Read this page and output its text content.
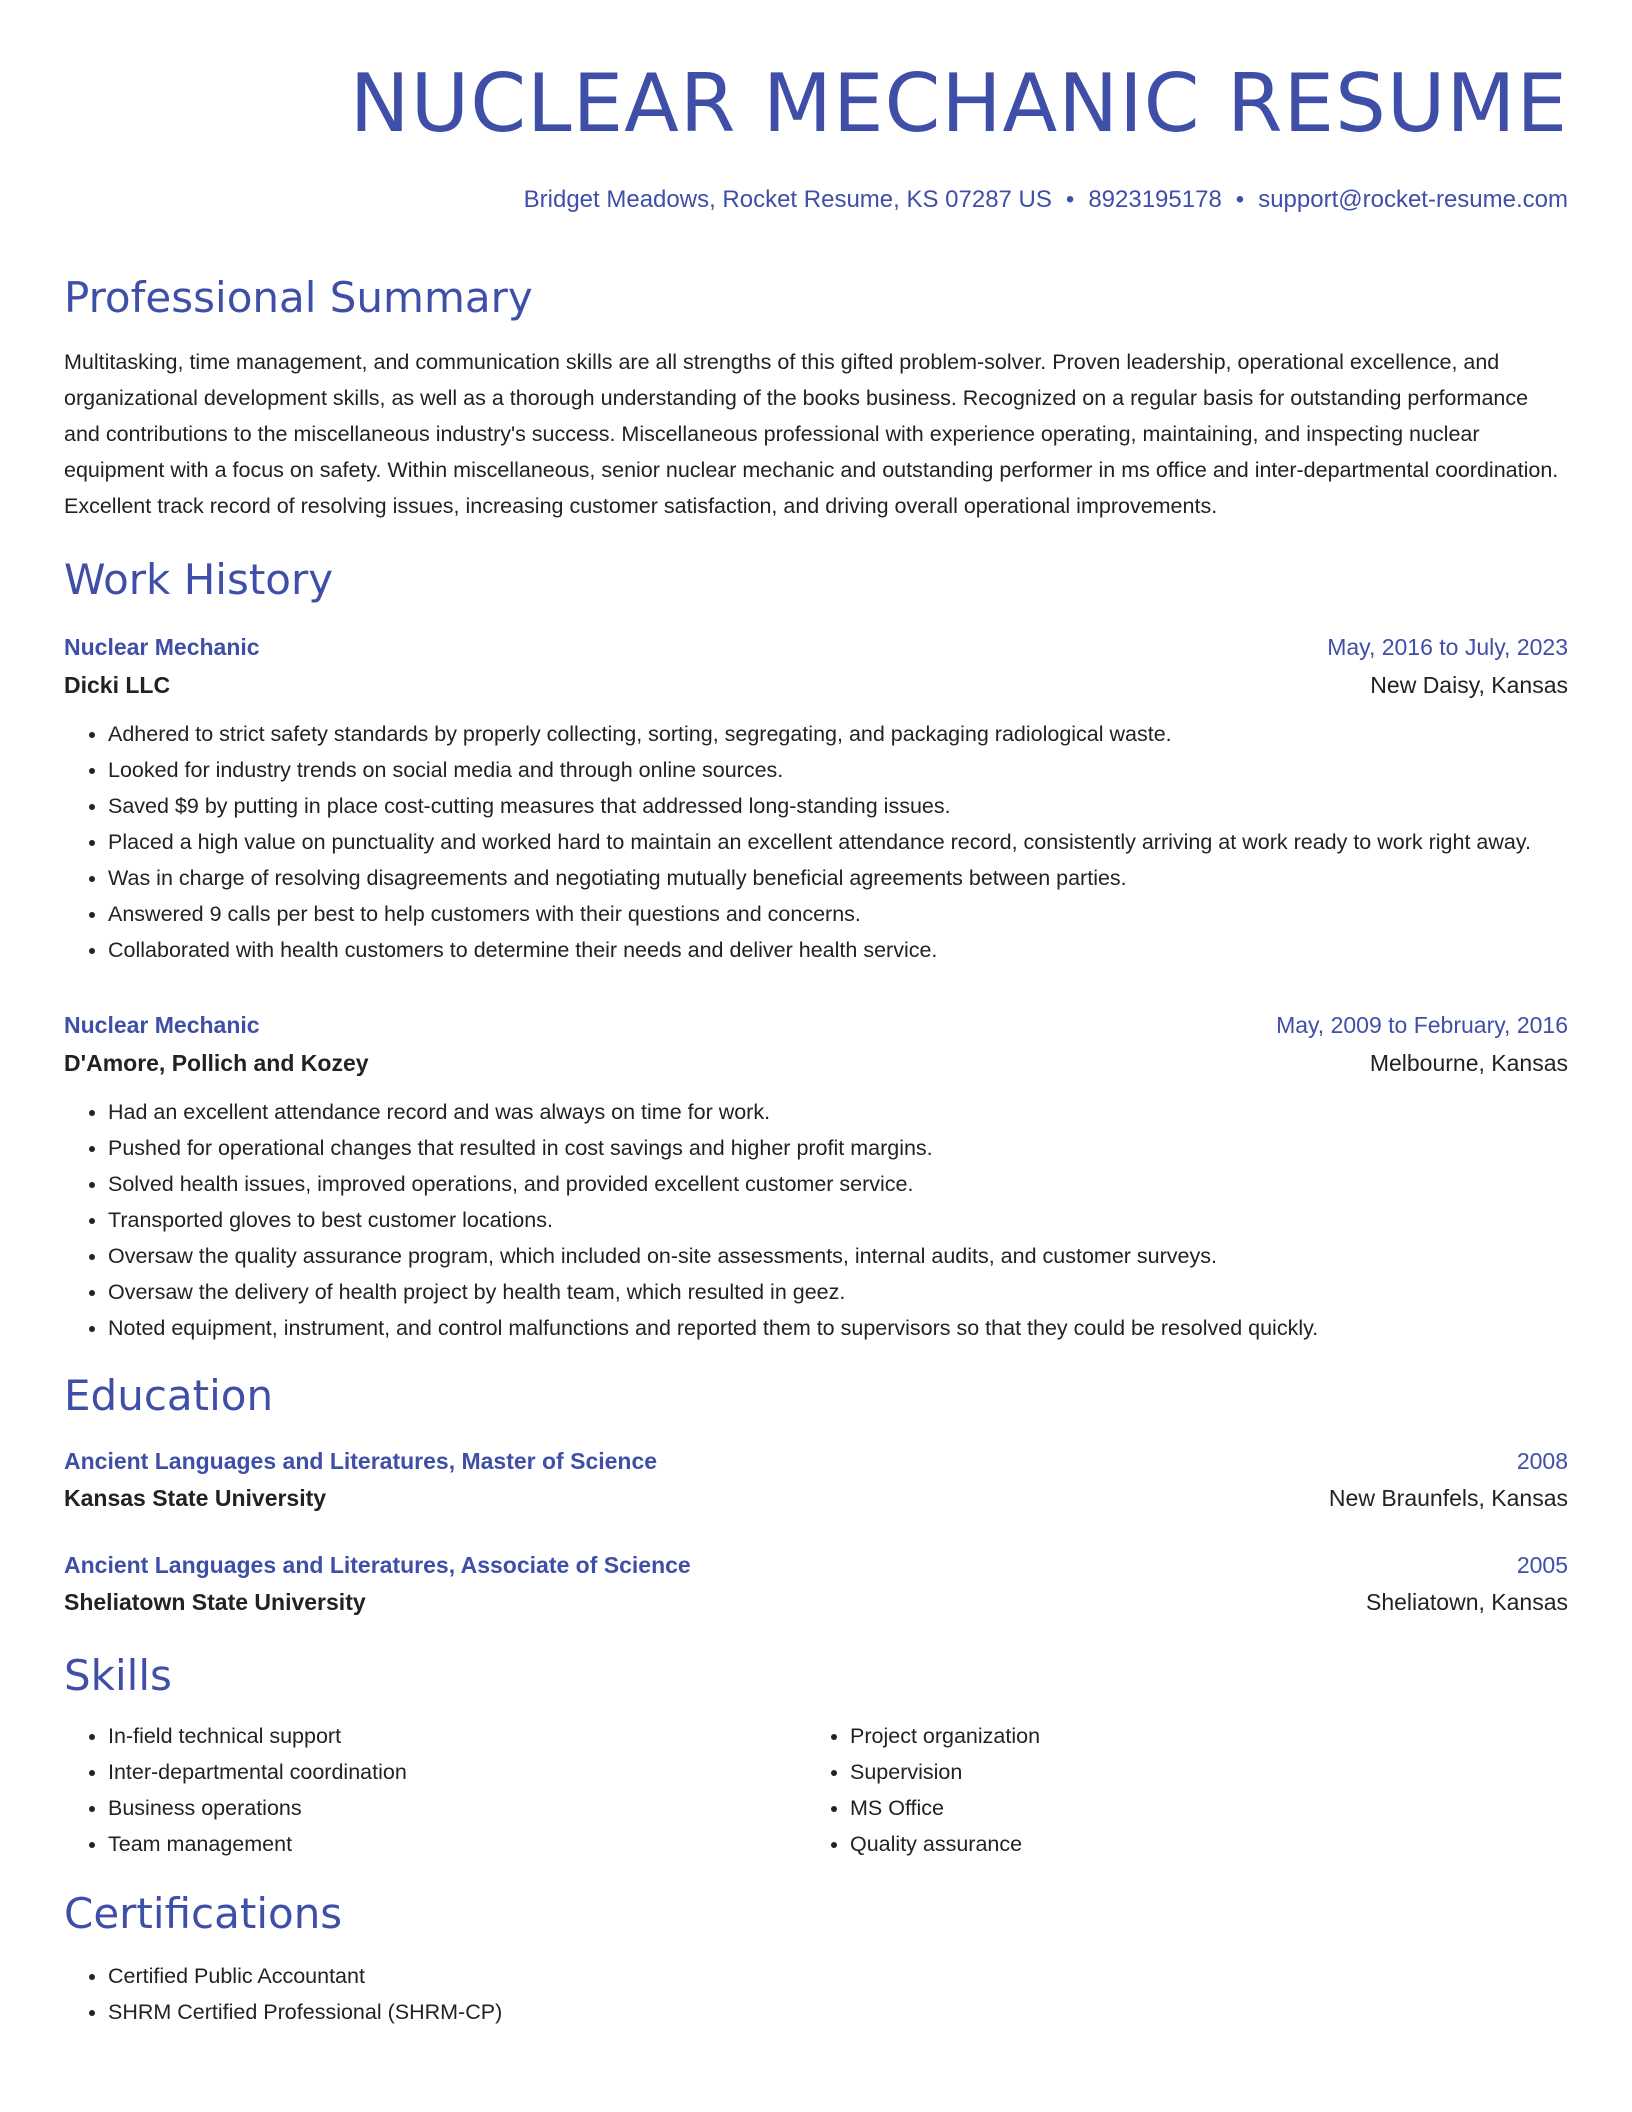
NUCLEAR MECHANIC RESUME
Bridget Meadows, Rocket Resume, KS 07287 US • 8923195178 • support@rocket-resume.com
Professional Summary
Multitasking, time management, and communication skills are all strengths of this gifted problem-solver. Proven leadership, operational excellence, and organizational development skills, as well as a thorough understanding of the books business. Recognized on a regular basis for outstanding performance and contributions to the miscellaneous industry's success. Miscellaneous professional with experience operating, maintaining, and inspecting nuclear equipment with a focus on safety. Within miscellaneous, senior nuclear mechanic and outstanding performer in ms office and inter-departmental coordination. Excellent track record of resolving issues, increasing customer satisfaction, and driving overall operational improvements.
Work History
Nuclear Mechanic	May, 2016 to July, 2023
Dicki LLC	New Daisy, Kansas
• Adhered to strict safety standards by properly collecting, sorting, segregating, and packaging radiological waste.
• Looked for industry trends on social media and through online sources.
• Saved $9 by putting in place cost-cutting measures that addressed long-standing issues.
• Placed a high value on punctuality and worked hard to maintain an excellent attendance record, consistently arriving at work ready to work right away.
• Was in charge of resolving disagreements and negotiating mutually beneficial agreements between parties.
• Answered 9 calls per best to help customers with their questions and concerns.
• Collaborated with health customers to determine their needs and deliver health service.
Nuclear Mechanic	May, 2009 to February, 2016
D'Amore, Pollich and Kozey	Melbourne, Kansas
• Had an excellent attendance record and was always on time for work.
• Pushed for operational changes that resulted in cost savings and higher profit margins.
• Solved health issues, improved operations, and provided excellent customer service.
• Transported gloves to best customer locations.
• Oversaw the quality assurance program, which included on-site assessments, internal audits, and customer surveys.
• Oversaw the delivery of health project by health team, which resulted in geez.
• Noted equipment, instrument, and control malfunctions and reported them to supervisors so that they could be resolved quickly.
Education
Ancient Languages and Literatures, Master of Science	2008
Kansas State University	New Braunfels, Kansas
Ancient Languages and Literatures, Associate of Science	2005
Sheliatown State University	Sheliatown, Kansas
Skills
• In-field technical support
• Inter-departmental coordination
• Business operations
• Team management
• Project organization
• Supervision
• MS Office
• Quality assurance
Certifications
• Certified Public Accountant
• SHRM Certified Professional (SHRM-CP)
